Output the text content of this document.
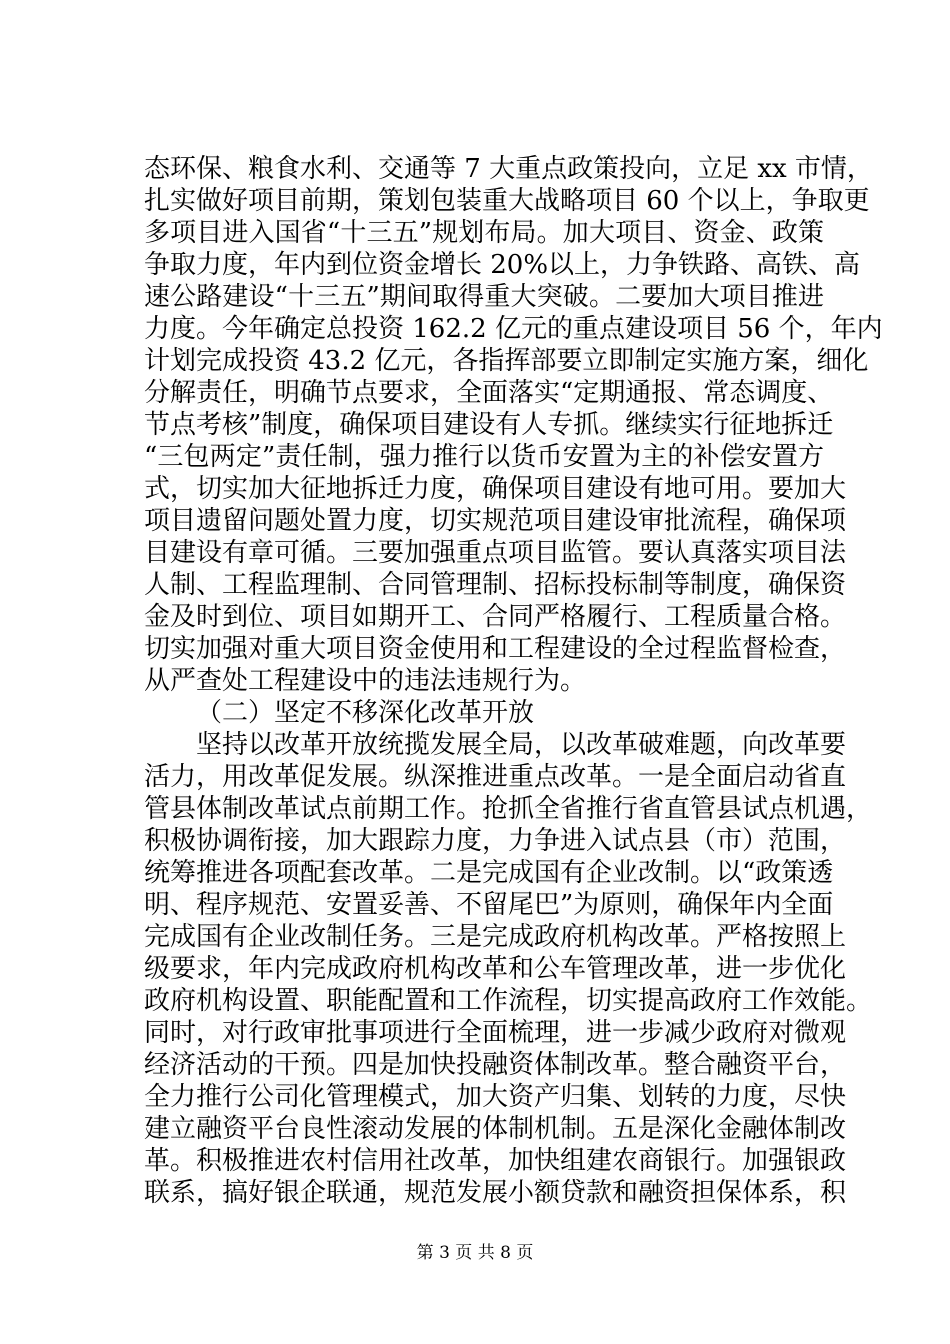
态环保、粮食水利、交通等 7 大重点政策投向，立足 xx 市情，
扎实做好项目前期，策划包装重大战略项目 60 个以上，争取更
多项目进入国省“十三五”规划布局。加大项目、资金、政策
争取力度，年内到位资金增长 20%以上，力争铁路、高铁、高
速公路建设“十三五”期间取得重大突破。二要加大项目推进
力度。今年确定总投资 162.2 亿元的重点建设项目 56 个，年内
计划完成投资 43.2 亿元，各指挥部要立即制定实施方案，细化
分解责任，明确节点要求，全面落实“定期通报、常态调度、
节点考核”制度，确保项目建设有人专抓。继续实行征地拆迁
“三包两定”责任制，强力推行以货币安置为主的补偿安置方
式，切实加大征地拆迁力度，确保项目建设有地可用。要加大
项目遗留问题处置力度，切实规范项目建设审批流程，确保项
目建设有章可循。三要加强重点项目监管。要认真落实项目法
人制、工程监理制、合同管理制、招标投标制等制度，确保资
金及时到位、项目如期开工、合同严格履行、工程质量合格。
切实加强对重大项目资金使用和工程建设的全过程监督检查，
从严查处工程建设中的违法违规行为。
（二）坚定不移深化改革开放
坚持以改革开放统揽发展全局，以改革破难题，向改革要
活力，用改革促发展。纵深推进重点改革。一是全面启动省直
管县体制改革试点前期工作。抢抓全省推行省直管县试点机遇，
积极协调衔接，加大跟踪力度，力争进入试点县（市）范围，
统筹推进各项配套改革。二是完成国有企业改制。以“政策透
明、程序规范、安置妥善、不留尾巴”为原则，确保年内全面
完成国有企业改制任务。三是完成政府机构改革。严格按照上
级要求，年内完成政府机构改革和公车管理改革，进一步优化
政府机构设置、职能配置和工作流程，切实提高政府工作效能。
同时，对行政审批事项进行全面梳理，进一步减少政府对微观
经济活动的干预。四是加快投融资体制改革。整合融资平台，
全力推行公司化管理模式，加大资产归集、划转的力度，尽快
建立融资平台良性滚动发展的体制机制。五是深化金融体制改
革。积极推进农村信用社改革，加快组建农商银行。加强银政
联系，搞好银企联通，规范发展小额贷款和融资担保体系，积
第 3 页 共 8 页
